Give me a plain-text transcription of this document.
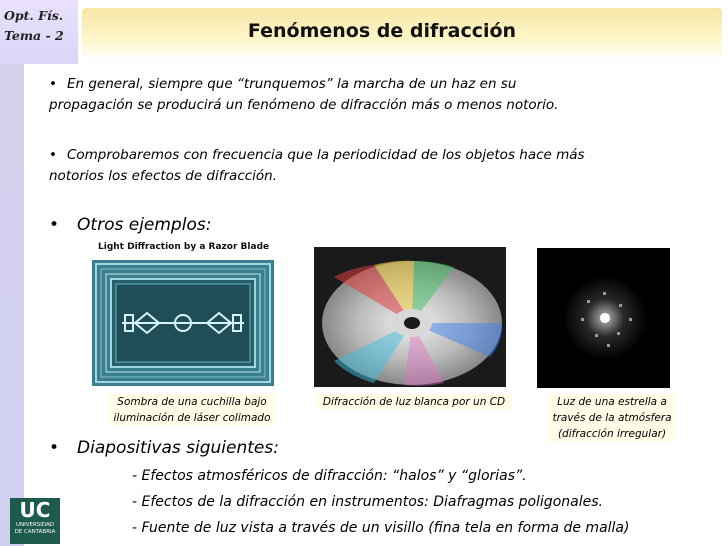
Opt. Fís.
Tema - 2	Fenómenos de difracción
• En general, siempre que “trunquemos” la marcha de un haz en su
propagación se producirá un fenómeno de difracción más o menos notorio.
• Comprobaremos con frecuencia que la periodicidad de los objetos hace más
notorios los efectos de difracción.
• Otros ejemplos:
Light Diffraction by a Razor Blade
Sombra de una cuchilla bajo
iluminación de láser colimado
Difracción de luz blanca por un CD	Luz de una estrella a
través de la atmósfera
(difracción irregular)
• Diapositivas siguientes:
- Efectos atmosféricos de difracción: “halos” y “glorias”.
- Efectos de la difracción en instrumentos: Diafragmas poligonales.
- Fuente de luz vista a través de un visillo (fina tela en forma de malla)
UC
UNIVERSIDAD
DE CANTABRIA
